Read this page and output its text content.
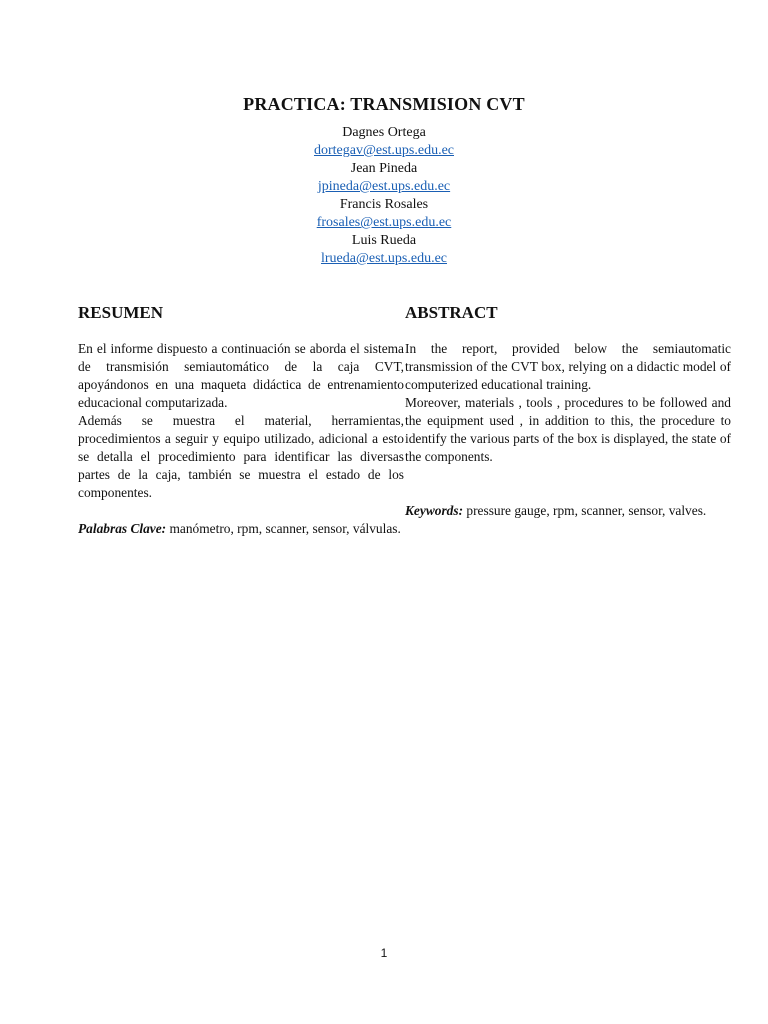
PRACTICA: TRANSMISION CVT
Dagnes Ortega
dortegav@est.ups.edu.ec
Jean Pineda
jpineda@est.ups.edu.ec
Francis Rosales
frosales@est.ups.edu.ec
Luis Rueda
lrueda@est.ups.edu.ec
RESUMEN

En el informe dispuesto a continuación se aborda el sistema de transmisión semiautomático de la caja CVT, apoyándonos en una maqueta didáctica de entrenamiento educacional computarizada.

Además se muestra el material, herramientas, procedimientos a seguir y equipo utilizado, adicional a esto se detalla el procedimiento para identificar las diversas partes de la caja, también se muestra el estado de los componentes.

Palabras Clave: manómetro, rpm, scanner, sensor, válvulas.

ABSTRACT

In the report, provided below the semiautomatic transmission of the CVT box, relying on a didactic model of computerized educational training.

Moreover, materials , tools , procedures to be followed and the equipment used , in addition to this, the procedure to identify the various parts of the box is displayed, the state of the components.

Keywords: pressure gauge, rpm, scanner, sensor, valves.

1
